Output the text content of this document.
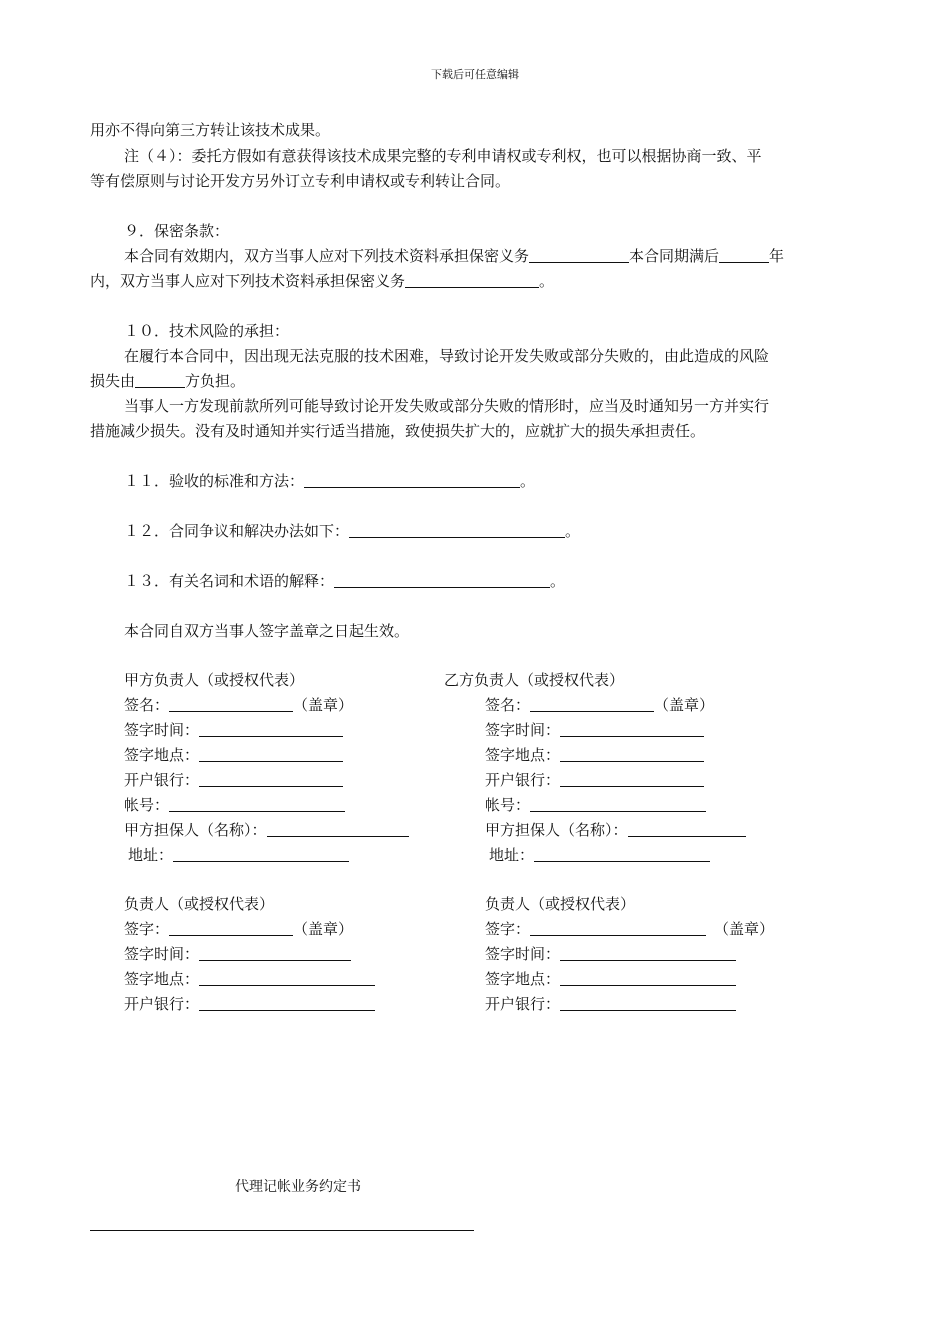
下载后可任意编辑
用亦不得向第三方转让该技术成果。
注（４）：委托方假如有意获得该技术成果完整的专利申请权或专利权，也可以根据协商一致、平
等有偿原则与讨论开发方另外订立专利申请权或专利转让合同。
９．保密条款：
本合同有效期内，双方当事人应对下列技术资料承担保密义务	本合同期满后	年
内，双方当事人应对下列技术资料承担保密义务	。
１０．技术风险的承担：
在履行本合同中，因出现无法克服的技术困难，导致讨论开发失败或部分失败的，由此造成的风险
损失由	方负担。
当事人一方发现前款所列可能导致讨论开发失败或部分失败的情形时，应当及时通知另一方并实行
措施减少损失。没有及时通知并实行适当措施，致使损失扩大的，应就扩大的损失承担责任。
１１．验收的标准和方法：	。
１２．合同争议和解决办法如下：	。
１３．有关名词和术语的解释：	。
本合同自双方当事人签字盖章之日起生效。
甲方负责人（或授权代表）
签名：	（盖章）
签字时间：
签字地点：
开户银行：
帐号：
甲方担保人（名称）：
地址：
乙方负责人（或授权代表）
签名：	（盖章）
签字时间：
签字地点：
开户银行：
帐号：
甲方担保人（名称）：
地址：
负责人（或授权代表）
签字：	（盖章）
签字时间：
签字地点：
开户银行：
负责人（或授权代表）
签字：	（盖章）
签字时间：
签字地点：
开户银行：
代理记帐业务约定书
